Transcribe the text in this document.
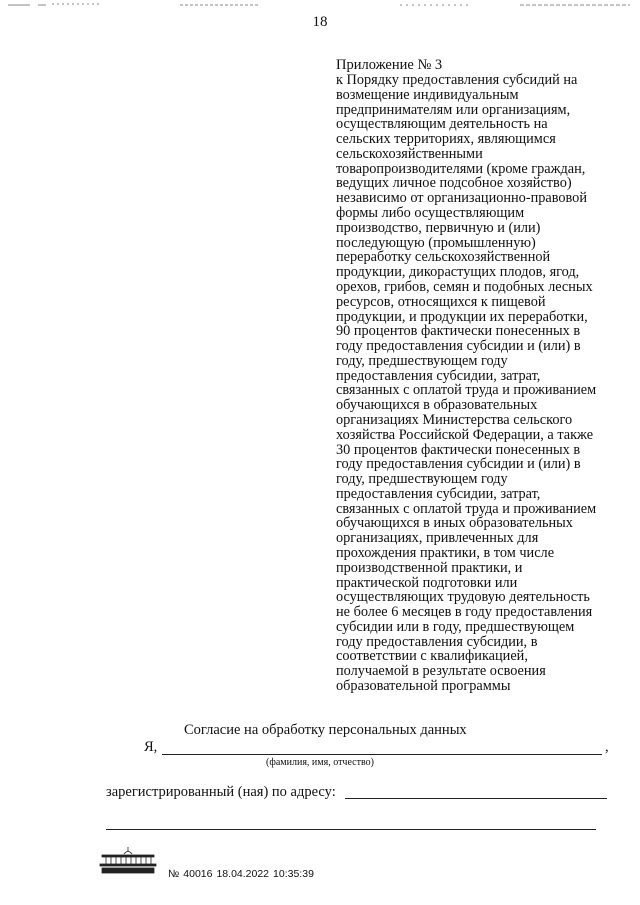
18
Приложение № 3
к Порядку предоставления субсидий на
возмещение индивидуальным
предпринимателям или организациям,
осуществляющим деятельность на
сельских территориях, являющимся
сельскохозяйственными
товаропроизводителями (кроме граждан,
ведущих личное подсобное хозяйство)
независимо от организационно-правовой
формы либо осуществляющим
производство, первичную и (или)
последующую (промышленную)
переработку сельскохозяйственной
продукции, дикорастущих плодов, ягод,
орехов, грибов, семян и подобных лесных
ресурсов, относящихся к пищевой
продукции, и продукции их переработки,
90 процентов фактически понесенных в
году предоставления субсидии и (или) в
году, предшествующем году
предоставления субсидии, затрат,
связанных с оплатой труда и проживанием
обучающихся в образовательных
организациях Министерства сельского
хозяйства Российской Федерации, а также
30 процентов фактически понесенных в
году предоставления субсидии и (или) в
году, предшествующем году
предоставления субсидии, затрат,
связанных с оплатой труда и проживанием
обучающихся в иных образовательных
организациях, привлеченных для
прохождения практики, в том числе
производственной практики, и
практической подготовки или
осуществляющих трудовую деятельность
не более 6 месяцев в году предоставления
субсидии или в году, предшествующем
году предоставления субсидии, в
соответствии с квалификацией,
получаемой в результате освоения
образовательной программы
Согласие на обработку персональных данных
Я,	,
(фамилия, имя, отчество)
зарегистрированный (ная) по адресу:
№ 40016 18.04.2022 10:35:39
